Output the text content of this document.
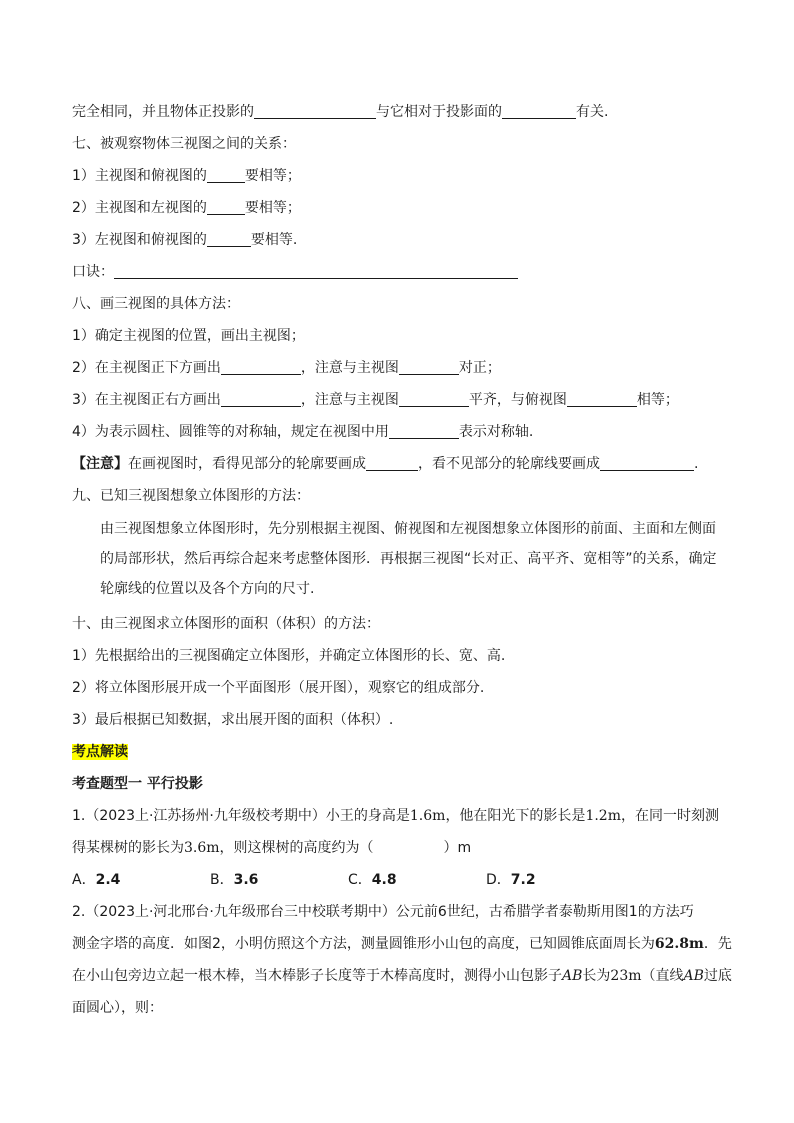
完全相同，并且物体正投影的	与它相对于投影面的	有关.
七、被观察物体三视图之间的关系：
1）主视图和俯视图的	要相等；
2）主视图和左视图的	要相等；
3）左视图和俯视图的	要相等.
口诀：
八、画三视图的具体方法：
1）确定主视图的位置，画出主视图；
2）在主视图正下方画出	，注意与主视图	对正；
3）在主视图正右方画出	，注意与主视图	平齐，与俯视图	相等；
4）为表示圆柱、圆锥等的对称轴，规定在视图中用	表示对称轴.
【注意】在画视图时，看得见部分的轮廓要画成	，看不见部分的轮廓线要画成	.
九、已知三视图想象立体图形的方法：

由三视图想象立体图形时，先分别根据主视图、俯视图和左视图想象立体图形的前面、主面和左侧面的局部形状，然后再综合起来考虑整体图形．再根据三视图“长对正、高平齐、宽相等”的关系，确定轮廓线的位置以及各个方向的尺寸.

十、由三视图求立体图形的面积（体积）的方法：
1）先根据给出的三视图确定立体图形，并确定立体图形的长、宽、高.
2）将立体图形展开成一个平面图形（展开图），观察它的组成部分.
3）最后根据已知数据，求出展开图的面积（体积）.
考点解读
考查题型一 平行投影
1.（2023上·江苏扬州·九年级校考期中）小王的身高是1.6m，他在阳光下的影长是1.2m，在同一时刻测
得某棵树的影长为3.6m，则这棵树的高度约为（	）m
A．2.4	B．3.6	C．4.8	D．7.2
2.（2023上·河北邢台·九年级邢台三中校联考期中）公元前6世纪，古希腊学者泰勒斯用图1的方法巧
测金字塔的高度．如图2，小明仿照这个方法，测量圆锥形小山包的高度，已知圆锥底面周长为62.8m．先
在小山包旁边立起一根木棒，当木棒影子长度等于木棒高度时，测得小山包影子AB长为23m（直线AB过底
面圆心），则：
